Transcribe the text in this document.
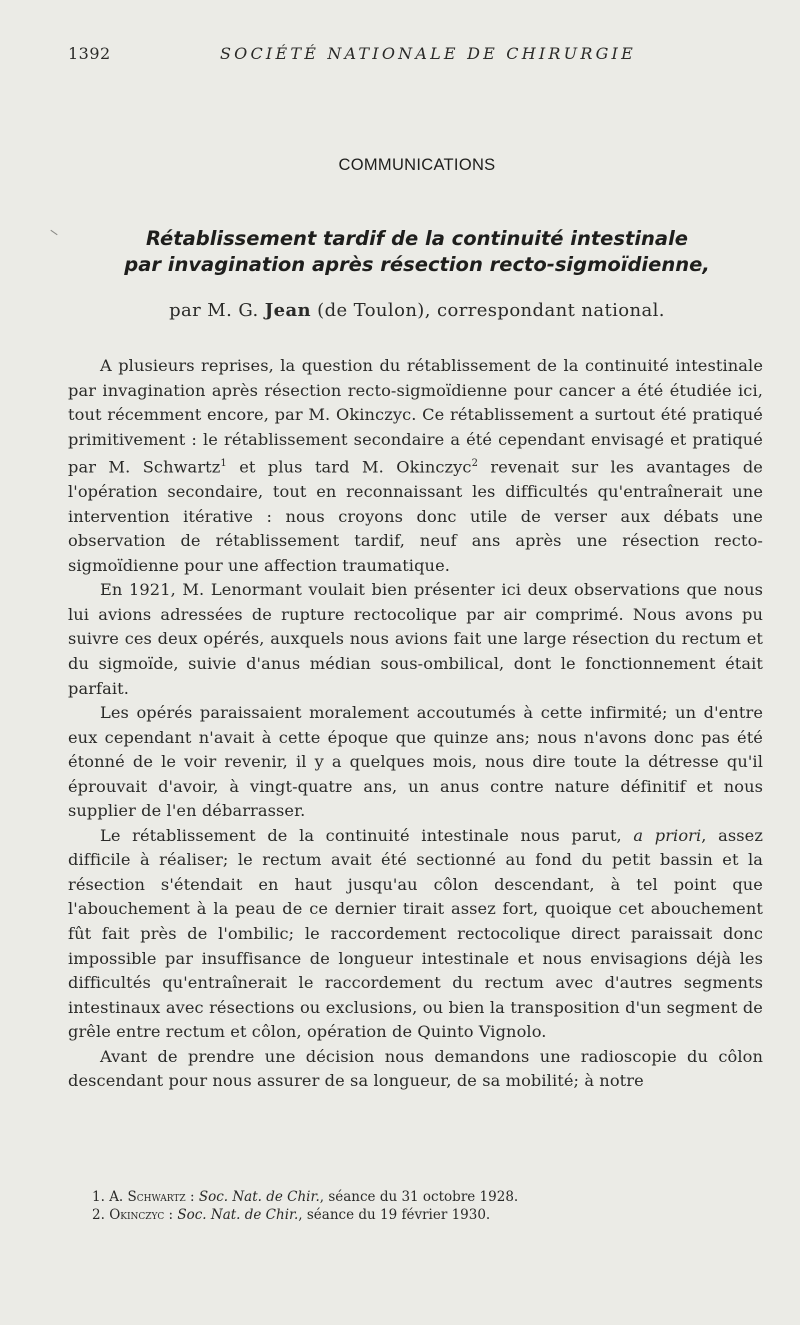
1392	SOCIÉTÉ NATIONALE DE CHIRURGIE
COMMUNICATIONS
Rétablissement tardif de la continuité intestinale
par invagination après résection recto-sigmoïdienne,
par M. G. Jean (de Toulon), correspondant national.

A plusieurs reprises, la question du rétablissement de la continuité intestinale par invagination après résection recto-sigmoïdienne pour cancer a été étudiée ici, tout récemment encore, par M. Okinczyc. Ce rétablissement a surtout été pratiqué primitivement : le rétablissement secondaire a été cependant envisagé et pratiqué par M. Schwartz$^1$ et plus tard M. Okinczyc$^2$ revenait sur les avantages de l'opération secondaire, tout en reconnaissant les difficultés qu'entraînerait une intervention itérative : nous croyons donc utile de verser aux débats une observation de rétablissement tardif, neuf ans après une résection recto-sigmoïdienne pour une affection traumatique.

En 1921, M. Lenormant voulait bien présenter ici deux observations que nous lui avions adressées de rupture rectocolique par air comprimé. Nous avons pu suivre ces deux opérés, auxquels nous avions fait une large résection du rectum et du sigmoïde, suivie d'anus médian sous-ombilical, dont le fonctionnement était parfait.

Les opérés paraissaient moralement accoutumés à cette infirmité; un d'entre eux cependant n'avait à cette époque que quinze ans; nous n'avons donc pas été étonné de le voir revenir, il y a quelques mois, nous dire toute la détresse qu'il éprouvait d'avoir, à vingt-quatre ans, un anus contre nature définitif et nous supplier de l'en débarrasser.

Le rétablissement de la continuité intestinale nous parut, a priori, assez difficile à réaliser; le rectum avait été sectionné au fond du petit bassin et la résection s'étendait en haut jusqu'au côlon descendant, à tel point que l'abouchement à la peau de ce dernier tirait assez fort, quoique cet abouchement fût fait près de l'ombilic; le raccordement rectocolique direct paraissait donc impossible par insuffisance de longueur intestinale et nous envisagions déjà les difficultés qu'entraînerait le raccordement du rectum avec d'autres segments intestinaux avec résections ou exclusions, ou bien la transposition d'un segment de grêle entre rectum et côlon, opération de Quinto Vignolo.

Avant de prendre une décision nous demandons une radioscopie du côlon descendant pour nous assurer de sa longueur, de sa mobilité; à notre

1. A. Schwartz : Soc. Nat. de Chir., séance du 31 octobre 1928.
2. Okinczyc : Soc. Nat. de Chir., séance du 19 février 1930.
